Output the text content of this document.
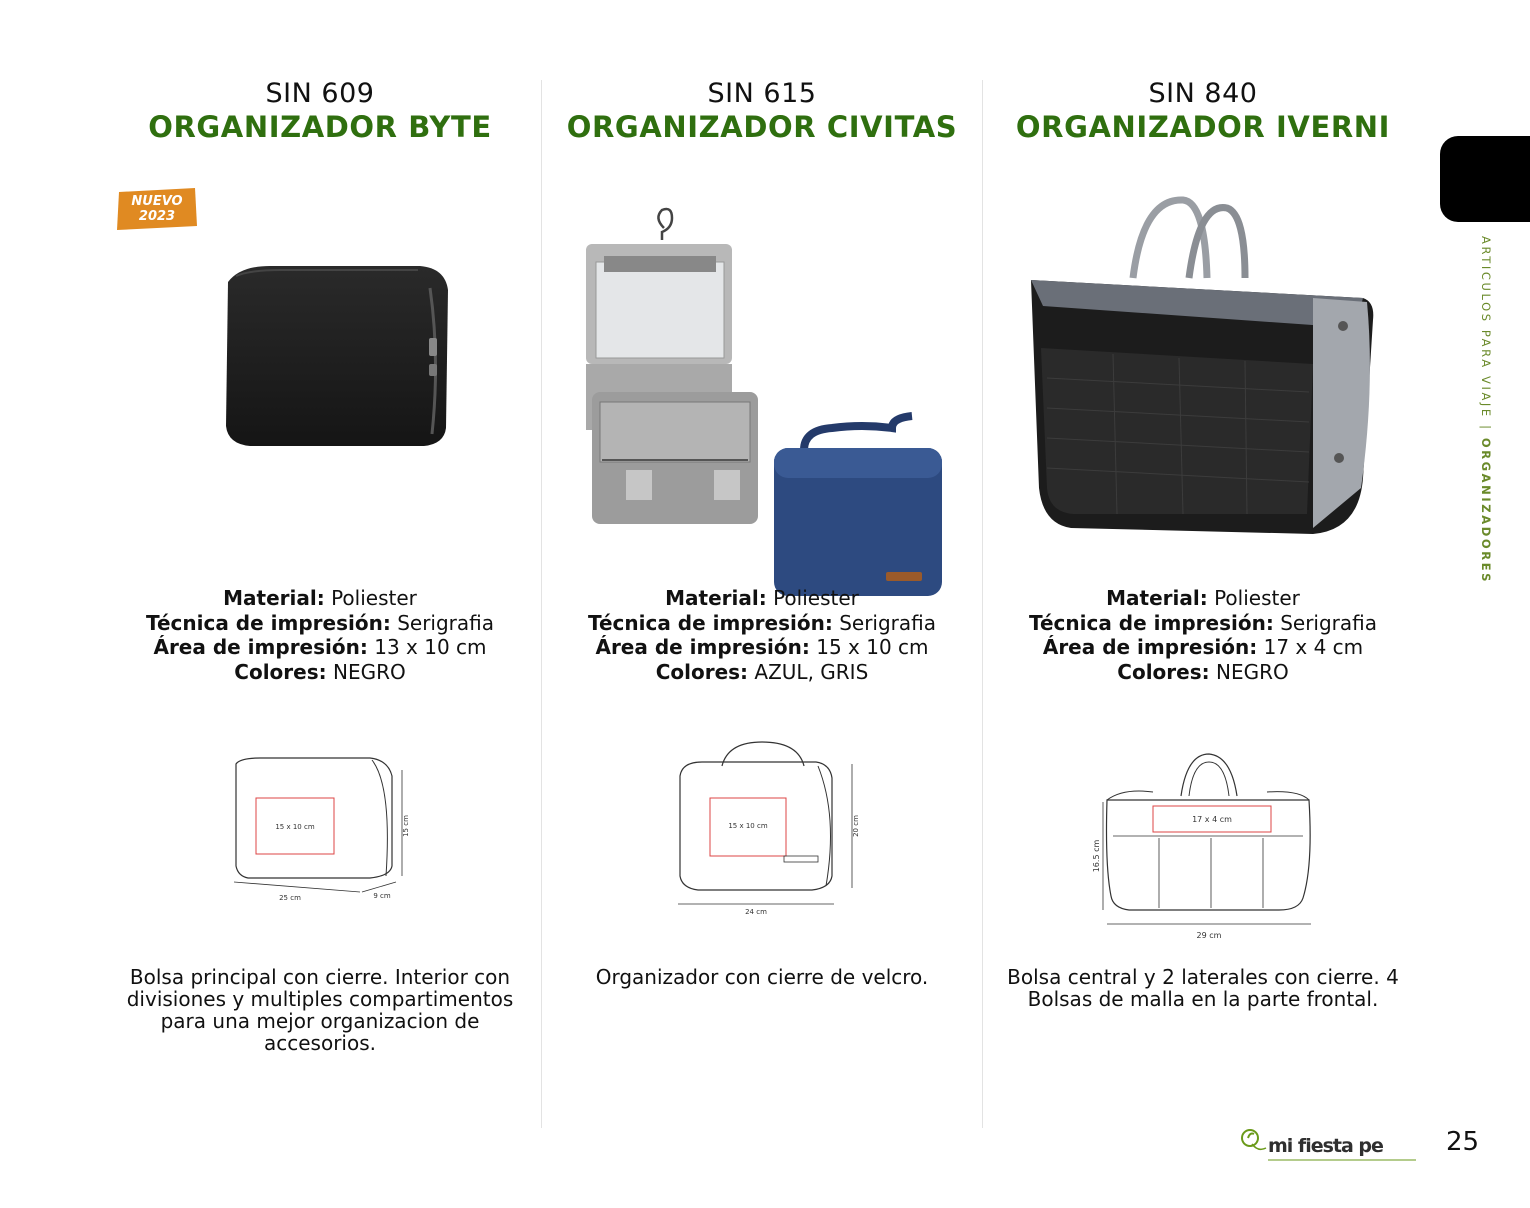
SIN 609
ORGANIZADOR BYTE
Material: Poliester
Técnica de impresión: Serigrafia
Área de impresión: 13 x 10 cm
Colores: NEGRO
15 x 10 cm
25 cm	9 cm
15 cm
Bolsa principal con cierre. Interior con divisiones y multiples compartimentos para una mejor organizacion de accesorios.
NUEVO
2023
SIN 615
ORGANIZADOR CIVITAS
Material: Poliester
Técnica de impresión: Serigrafia
Área de impresión: 15 x 10 cm
Colores: AZUL, GRIS
15 x 10 cm
24 cm
20 cm
Organizador con cierre de velcro.
SIN 840
ORGANIZADOR IVERNI
Material: Poliester
Técnica de impresión: Serigrafia
Área de impresión: 17 x 4 cm
Colores: NEGRO
17 x 4 cm
29 cm
16.5 cm
Bolsa central y 2 laterales con cierre. 4 Bolsas de malla en la parte frontal.
ARTICULOS PARA VIAJE | ORGANIZADORES
mi fiesta pe 25
